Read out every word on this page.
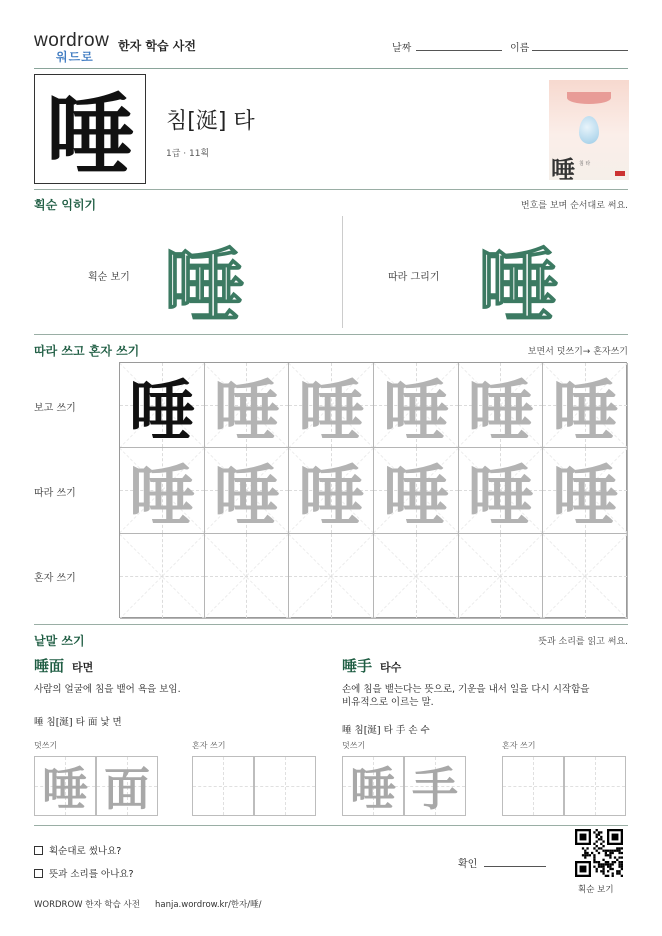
wordrow
워드로
한자 학습 사전	날짜	이름
唾	침[涎] 타
1급 · 11획
唾 침 타
획순 익히기	번호를 보며 순서대로 써요.
획순 보기 唾	따라 그리기 唾
따라 쓰고 혼자 쓰기	보면서 덧쓰기→ 혼자쓰기
보고 쓰기
따라 쓰기
혼자 쓰기
唾 唾 唾 唾 唾 唾
唾 唾 唾 唾 唾 唾
낱말 쓰기	뜻과 소리를 읽고 써요.
唾面 타면
사람의 얼굴에 침을 뱉어 욕을 보임.
唾 침[涎] 타 面 낯 면
덧쓰기	혼자 쓰기
唾 面
唾手 타수
손에 침을 뱉는다는 뜻으로, 기운을 내서 일을 다시 시작함을
비유적으로 이르는 말.
唾 침[涎] 타 手 손 수
덧쓰기	혼자 쓰기
唾 手
획순대로 썼나요?
뜻과 소리를 아나요?
확인
획순 보기
WORDROW 한자 학습 사전 hanja.wordrow.kr/한자/唾/
